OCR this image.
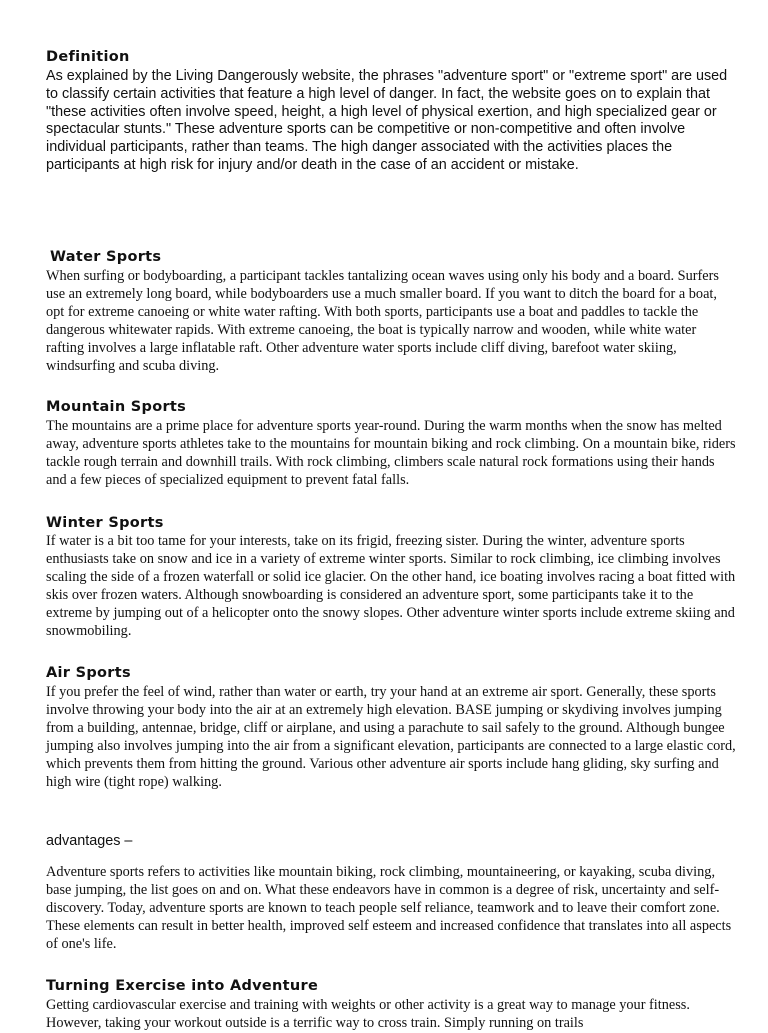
Definition

As explained by the Living Dangerously website, the phrases "adventure sport" or "extreme sport" are used to classify certain activities that feature a high level of danger. In fact, the website goes on to explain that "these activities often involve speed, height, a high level of physical exertion, and high specialized gear or spectacular stunts." These adventure sports can be competitive or non-competitive and often involve individual participants, rather than teams. The high danger associated with the activities places the participants at high risk for injury and/or death in the case of an accident or mistake.

Water Sports

When surfing or bodyboarding, a participant tackles tantalizing ocean waves using only his body and a board. Surfers use an extremely long board, while bodyboarders use a much smaller board. If you want to ditch the board for a boat, opt for extreme canoeing or white water rafting. With both sports, participants use a boat and paddles to tackle the dangerous whitewater rapids. With extreme canoeing, the boat is typically narrow and wooden, while white water rafting involves a large inflatable raft. Other adventure water sports include cliff diving, barefoot water skiing, windsurfing and scuba diving.

Mountain Sports

The mountains are a prime place for adventure sports year-round. During the warm months when the snow has melted away, adventure sports athletes take to the mountains for mountain biking and rock climbing. On a mountain bike, riders tackle rough terrain and downhill trails. With rock climbing, climbers scale natural rock formations using their hands and a few pieces of specialized equipment to prevent fatal falls.

Winter Sports

If water is a bit too tame for your interests, take on its frigid, freezing sister. During the winter, adventure sports enthusiasts take on snow and ice in a variety of extreme winter sports. Similar to rock climbing, ice climbing involves scaling the side of a frozen waterfall or solid ice glacier. On the other hand, ice boating involves racing a boat fitted with skis over frozen waters. Although snowboarding is considered an adventure sport, some participants take it to the extreme by jumping out of a helicopter onto the snowy slopes. Other adventure winter sports include extreme skiing and snowmobiling.

Air Sports

If you prefer the feel of wind, rather than water or earth, try your hand at an extreme air sport. Generally, these sports involve throwing your body into the air at an extremely high elevation. BASE jumping or skydiving involves jumping from a building, antennae, bridge, cliff or airplane, and using a parachute to sail safely to the ground. Although bungee jumping also involves jumping into the air from a significant elevation, participants are connected to a large elastic cord, which prevents them from hitting the ground. Various other adventure air sports include hang gliding, sky surfing and high wire (tight rope) walking.

advantages –

Adventure sports refers to activities like mountain biking, rock climbing, mountaineering, or kayaking, scuba diving, base jumping, the list goes on and on. What these endeavors have in common is a degree of risk, uncertainty and self-discovery. Today, adventure sports are known to teach people self reliance, teamwork and to leave their comfort zone. These elements can result in better health, improved self esteem and increased confidence that translates into all aspects of one's life.

Turning Exercise into Adventure

Getting cardiovascular exercise and training with weights or other activity is a great way to manage your fitness. However, taking your workout outside is a terrific way to cross train. Simply running on trails
